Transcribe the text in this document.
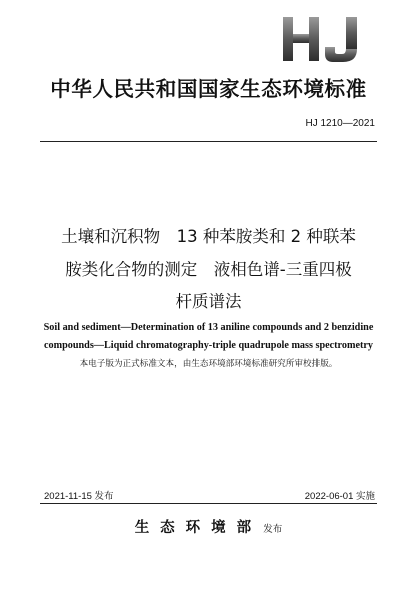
中华人民共和国国家生态环境标准
HJ 1210—2021
土壤和沉积物　13 种苯胺类和 2 种联苯
胺类化合物的测定　液相色谱-三重四极
杆质谱法
Soil and sediment—Determination of 13 aniline compounds and 2 benzidine
compounds—Liquid chromatography-triple quadrupole mass spectrometry
本电子版为正式标准文本，由生态环境部环境标准研究所审校排版。
2021-11-15 发布	2022-06-01 实施
生态环境部 发布
